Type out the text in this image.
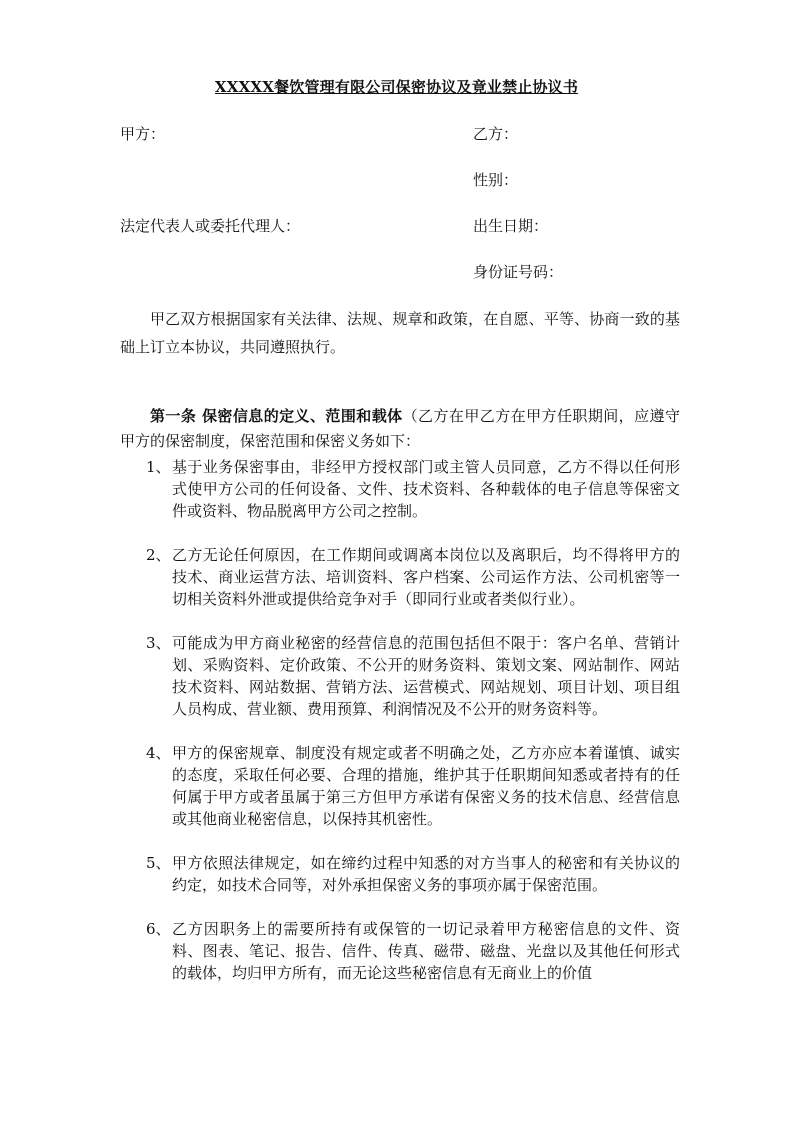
XXXXX餐饮管理有限公司保密协议及竟业禁止协议书
甲方：	乙方：
性别：
法定代表人或委托代理人：	出生日期：
身份证号码：
甲乙双方根据国家有关法律、法规、规章和政策，在自愿、平等、协商一致的基础上订立本协议，共同遵照执行。
第一条 保密信息的定义、范围和载体（乙方在甲乙方在甲方任职期间，应遵守甲方的保密制度，保密范围和保密义务如下：
1、 基于业务保密事由，非经甲方授权部门或主管人员同意，乙方不得以任何形式使甲方公司的任何设备、文件、技术资料、各种载体的电子信息等保密文件或资料、物品脱离甲方公司之控制。
2、 乙方无论任何原因，在工作期间或调离本岗位以及离职后，均不得将甲方的技术、商业运营方法、培训资料、客户档案、公司运作方法、公司机密等一切相关资料外泄或提供给竞争对手（即同行业或者类似行业）。
3、 可能成为甲方商业秘密的经营信息的范围包括但不限于：客户名单、营销计划、采购资料、定价政策、不公开的财务资料、策划文案、网站制作、网站技术资料、网站数据、营销方法、运营模式、网站规划、项目计划、项目组人员构成、营业额、费用预算、利润情况及不公开的财务资料等。
4、 甲方的保密规章、制度没有规定或者不明确之处，乙方亦应本着谨慎、诚实的态度，采取任何必要、合理的措施，维护其于任职期间知悉或者持有的任何属于甲方或者虽属于第三方但甲方承诺有保密义务的技术信息、经营信息或其他商业秘密信息，以保持其机密性。
5、 甲方依照法律规定，如在缔约过程中知悉的对方当事人的秘密和有关协议的约定，如技术合同等，对外承担保密义务的事项亦属于保密范围。
6、 乙方因职务上的需要所持有或保管的一切记录着甲方秘密信息的文件、资料、图表、笔记、报告、信件、传真、磁带、磁盘、光盘以及其他任何形式的载体，均归甲方所有，而无论这些秘密信息有无商业上的价值
